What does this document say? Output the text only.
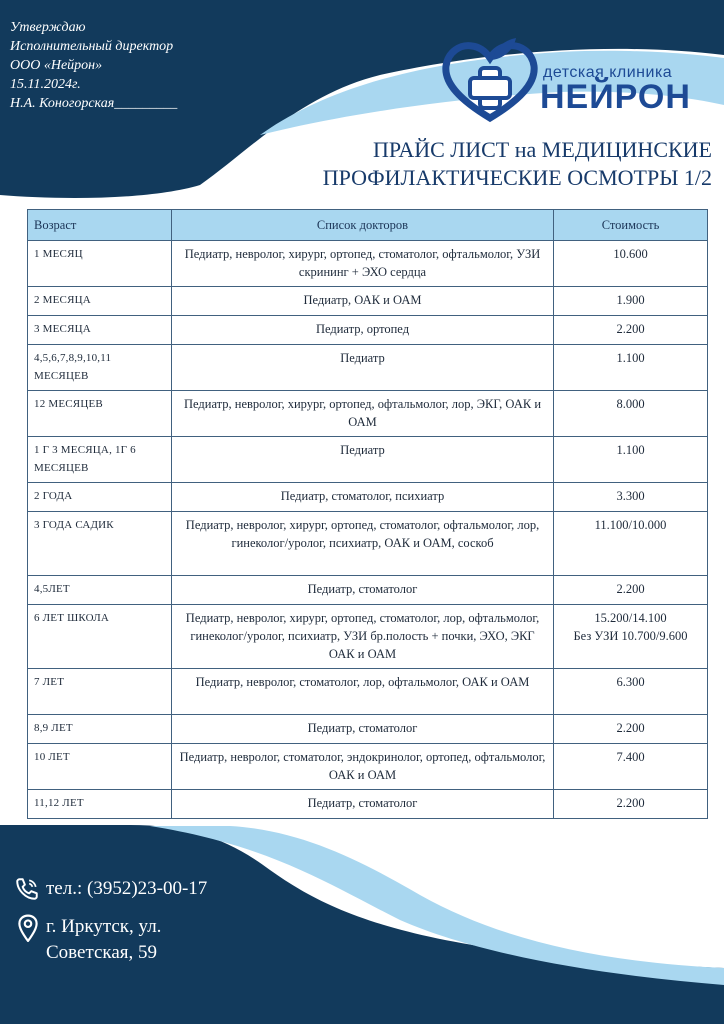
Утверждаю
Исполнительный директор
ООО «Нейрон»
15.11.2024г.
Н.А. Коногорская_________
детская клиника
НЕЙРОН
ПРАЙС ЛИСТ на МЕДИЦИНСКИЕ
ПРОФИЛАКТИЧЕСКИЕ ОСМОТРЫ 1/2
Возраст	Список докторов	Стоимость
1 МЕСЯЦ	Педиатр, невролог, хирург, ортопед, стоматолог, офтальмолог, УЗИ скрининг + ЭХО сердца	10.600
2 МЕСЯЦА	Педиатр, ОАК и ОАМ	1.900
3 МЕСЯЦА	Педиатр, ортопед	2.200
4,5,6,7,8,9,10,11 МЕСЯЦЕВ	Педиатр	1.100
12 МЕСЯЦЕВ	Педиатр, невролог, хирург, ортопед, офтальмолог, лор, ЭКГ, ОАК и ОАМ	8.000
1 Г 3 МЕСЯЦА, 1Г 6 МЕСЯЦЕВ	Педиатр	1.100
2 ГОДА	Педиатр, стоматолог, психиатр	3.300
3 ГОДА САДИК	Педиатр, невролог, хирург, ортопед, стоматолог, офтальмолог, лор, гинеколог/уролог, психиатр, ОАК и ОАМ, соскоб	11.100/10.000
4,5ЛЕТ	Педиатр, стоматолог	2.200
6 ЛЕТ ШКОЛА	Педиатр, невролог, хирург, ортопед, стоматолог, лор, офтальмолог, гинеколог/уролог, психиатр, УЗИ бр.полость + почки, ЭХО, ЭКГ ОАК и ОАМ	15.200/14.100
Без УЗИ 10.700/9.600

7 ЛЕТ	Педиатр, невролог, стоматолог, лор, офтальмолог, ОАК и ОАМ	6.300
8,9 ЛЕТ	Педиатр, стоматолог	2.200
10 ЛЕТ	Педиатр, невролог, стоматолог, эндокринолог, ортопед, офтальмолог, ОАК и ОАМ	7.400
11,12 ЛЕТ	Педиатр, стоматолог	2.200
тел.: (3952)23-00-17
г. Иркутск, ул.
Советская, 59
